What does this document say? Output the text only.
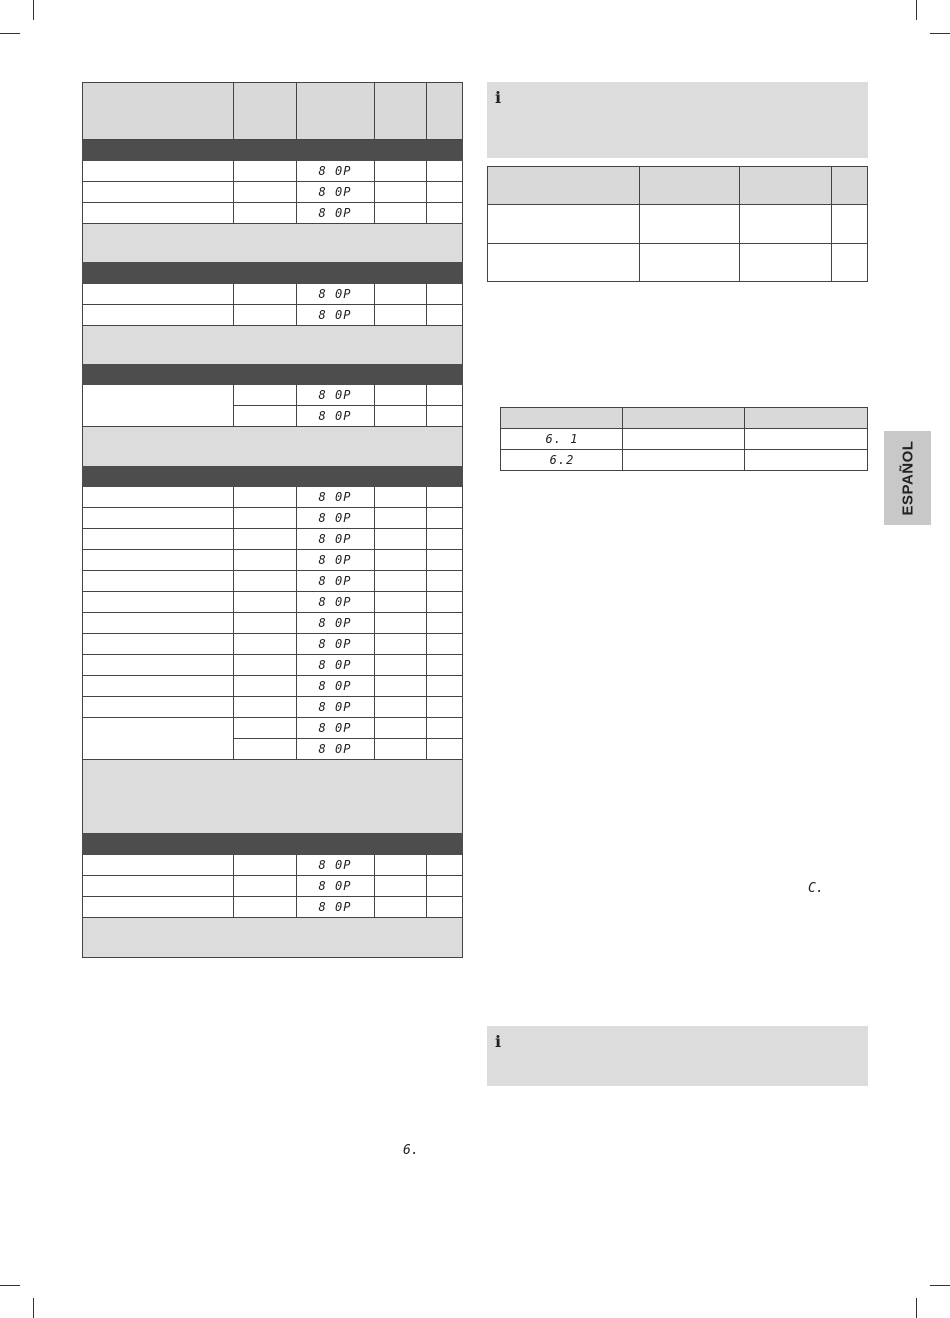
8 0P
8 0P
8 0P
8 0P
8 0P
8 0P
8 0P
8 0P
8 0P
8 0P
8 0P
8 0P
8 0P
8 0P
8 0P
8 0P
8 0P
8 0P
8 0P
8 0P
8 0P
8 0P
8 0P
6.
i
6. 1
6.2	ESPAÑOL
C.
i
